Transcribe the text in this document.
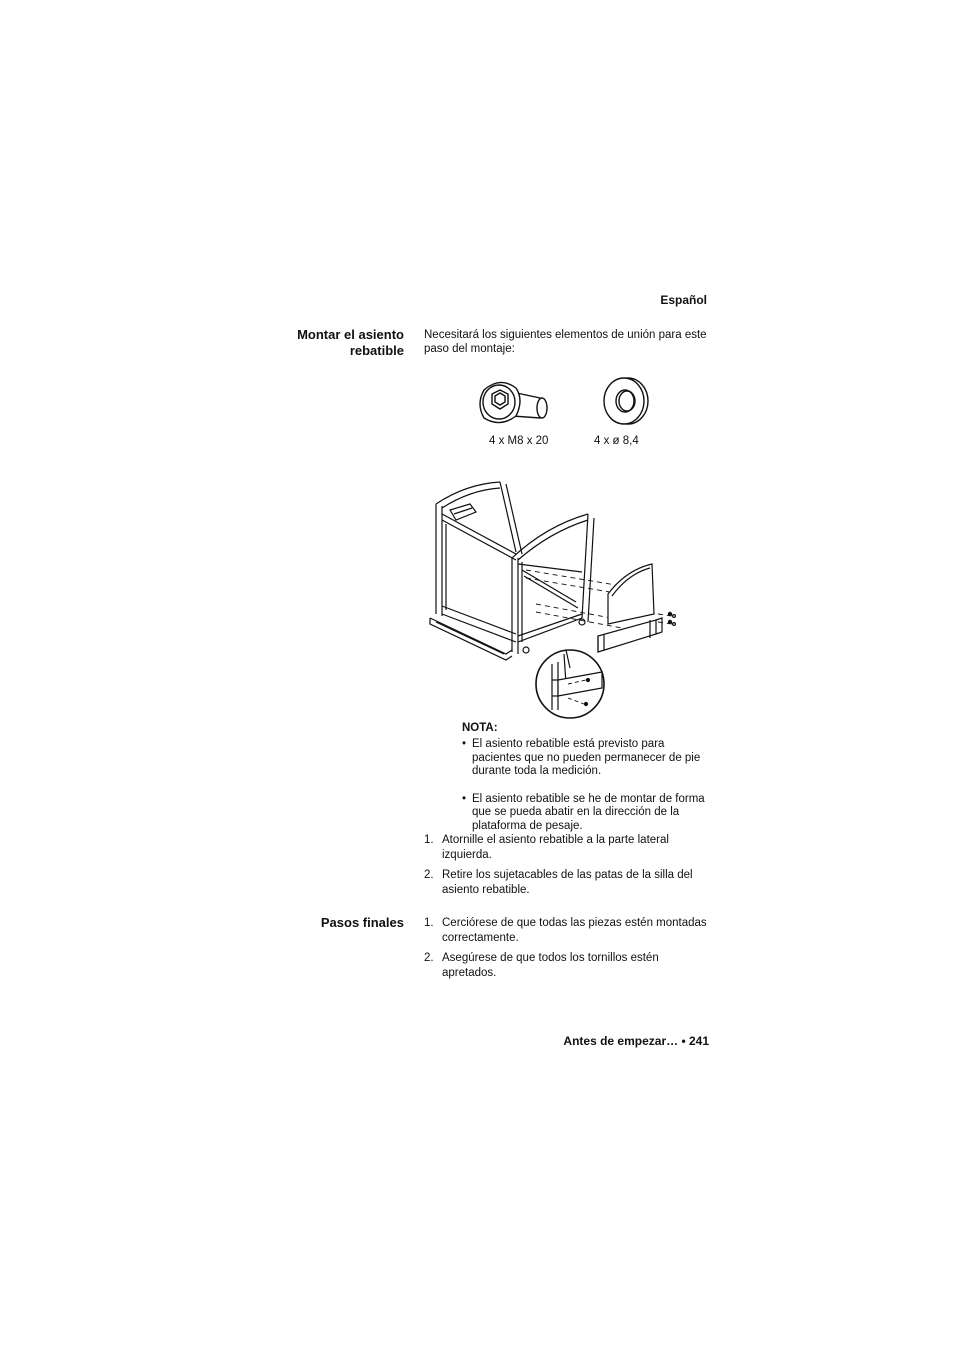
Español
Montar el asiento
rebatible
Necesitará los siguientes elementos de unión para este paso del montaje:
4 x M8 x 20	4 x ø 8,4
NOTA:
• El asiento rebatible está previsto para pacientes que no pueden permanecer de pie durante toda la medición.
• El asiento rebatible se he de montar de forma que se pueda abatir en la dirección de la plataforma de pesaje.
1. Atornille el asiento rebatible a la parte lateral izquierda.
2. Retire los sujetacables de las patas de la silla del asiento rebatible.
Pasos finales 1. Cerciórese de que todas las piezas estén montadas correctamente.
2. Asegúrese de que todos los tornillos estén apretados.
Antes de empezar… • 241
